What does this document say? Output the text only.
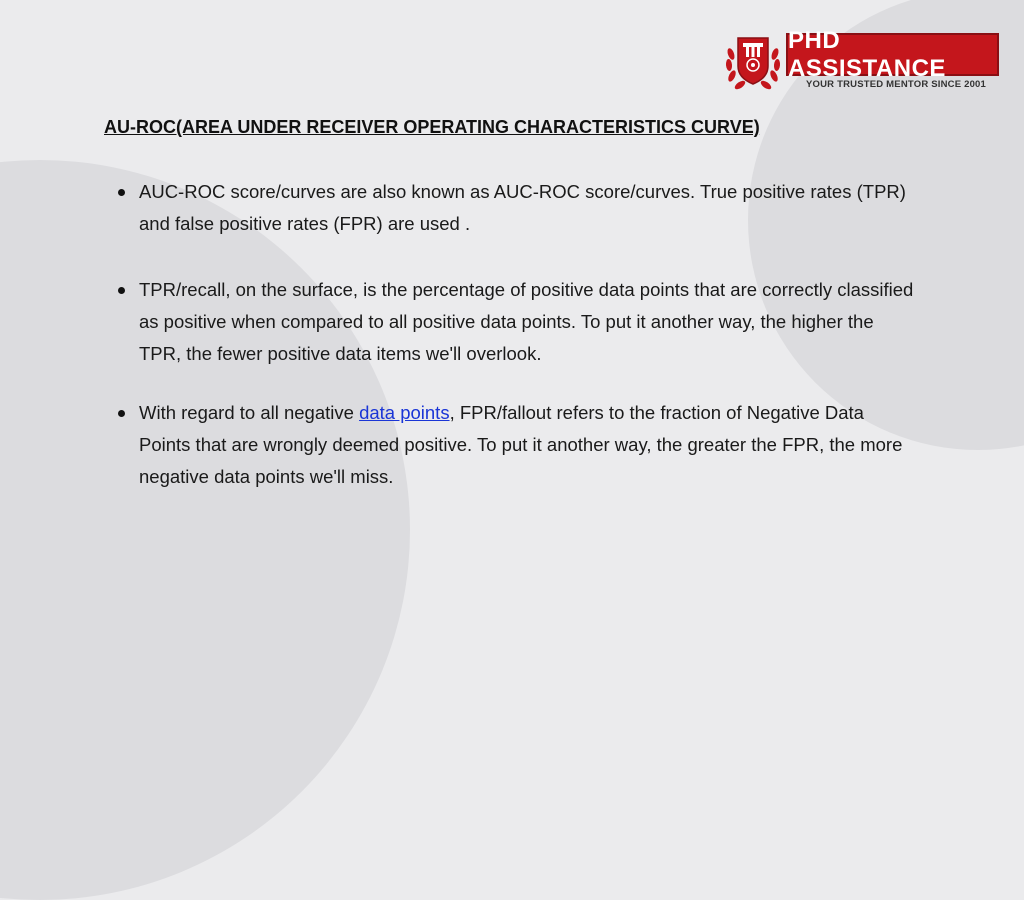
PHD ASSISTANCE
YOUR TRUSTED MENTOR SINCE 2001
AU-ROC(AREA UNDER RECEIVER OPERATING CHARACTERISTICS CURVE)
AUC-ROC score/curves are also known as AUC-ROC score/curves. True positive rates (TPR) and false positive rates (FPR) are used .
TPR/recall, on the surface, is the percentage of positive data points that are correctly classified as positive when compared to all positive data points. To put it another way, the higher the TPR, the fewer positive data items we'll overlook.
With regard to all negative data points, FPR/fallout refers to the fraction of Negative Data Points that are wrongly deemed positive. To put it another way, the greater the FPR, the more negative data points we'll miss.
